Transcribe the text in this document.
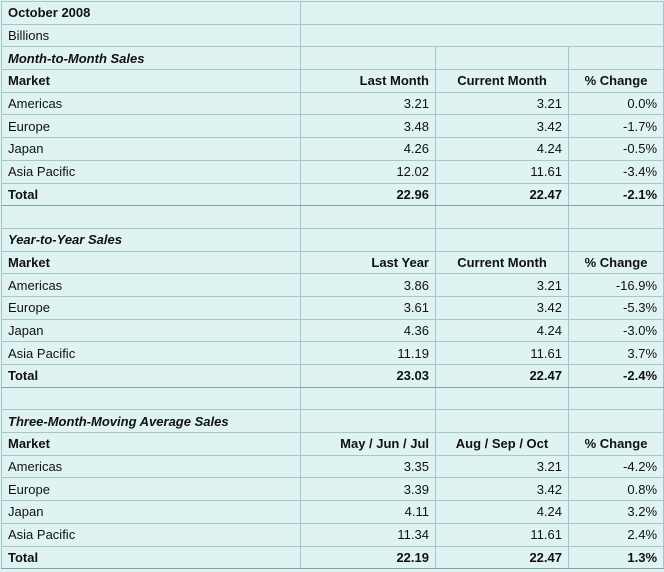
October 2008			
Billions			
Month-to-Month Sales			
Market	Last Month	Current Month	% Change
Americas	3.21	3.21	0.0%
Europe	3.48	3.42	-1.7%
Japan	4.26	4.24	-0.5%
Asia Pacific	12.02	11.61	-3.4%
Total	22.96	22.47	-2.1%

Year-to-Year Sales			
Market	Last Year	Current Month	% Change
Americas	3.86	3.21	-16.9%
Europe	3.61	3.42	-5.3%
Japan	4.36	4.24	-3.0%
Asia Pacific	11.19	11.61	3.7%
Total	23.03	22.47	-2.4%

Three-Month-Moving Average Sales			
Market	May / Jun / Jul	Aug / Sep / Oct	% Change
Americas	3.35	3.21	-4.2%
Europe	3.39	3.42	0.8%
Japan	4.11	4.24	3.2%
Asia Pacific	11.34	11.61	2.4%
Total	22.19	22.47	1.3%
